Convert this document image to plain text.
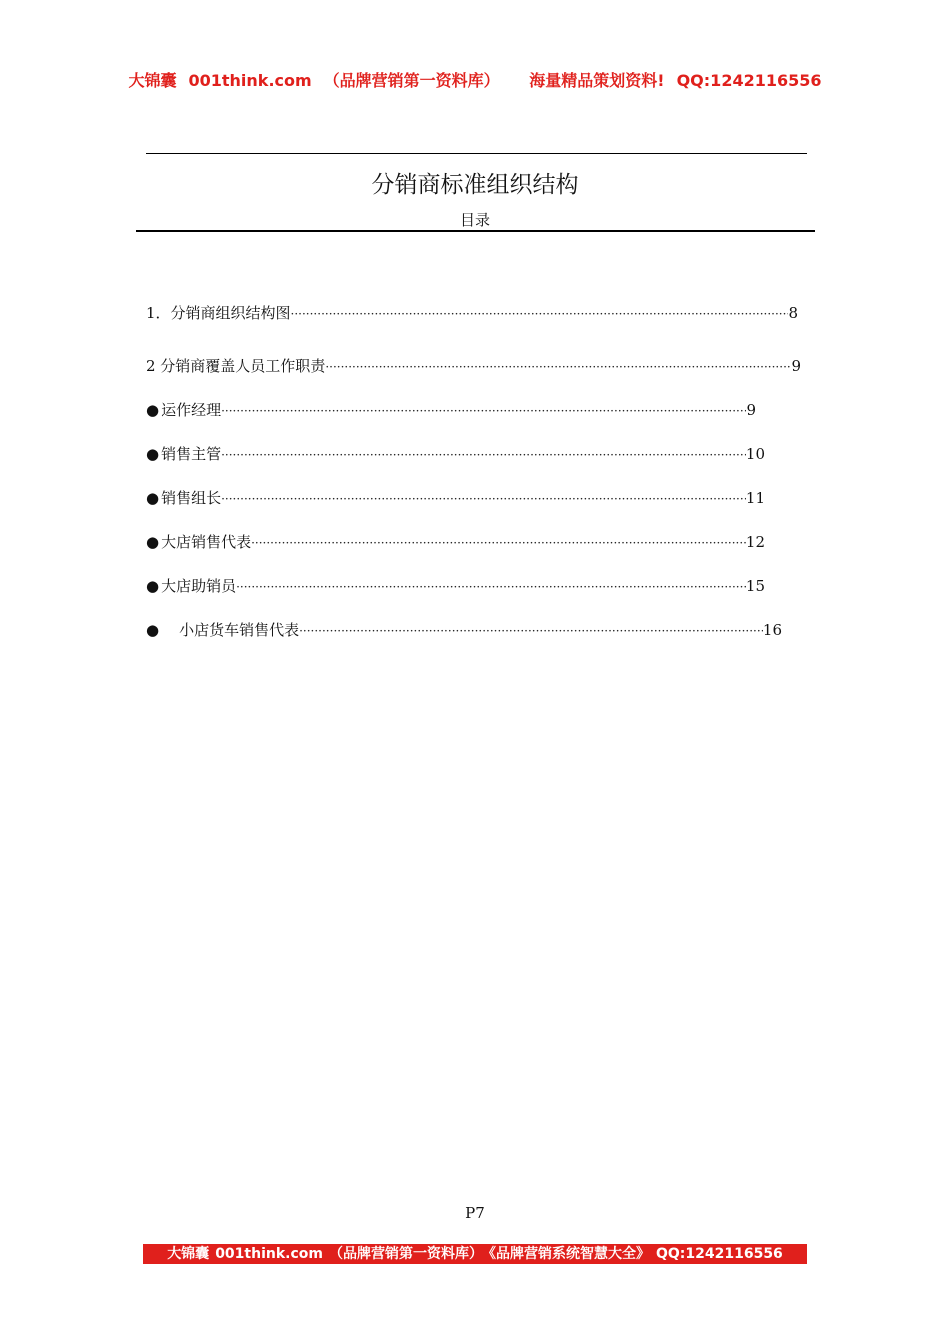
大锦囊 001think.com （品牌营销第一资料库） 海量精品策划资料! QQ:1242116556
分销商标准组织结构
目录
1．分销商组织结构图 ·····	8
2 分销商覆盖人员工作职责 ·····	9
● 运作经理 ·····	9
● 销售主管 ·····	10
● 销售组长 ·····	11
● 大店销售代表 ·····	12
● 大店助销员 ·····	15
● 小店货车销售代表 ·····	16
P7
大锦囊 001think.com （品牌营销第一资料库） 《品牌营销系统智慧大全》 QQ:1242116556
